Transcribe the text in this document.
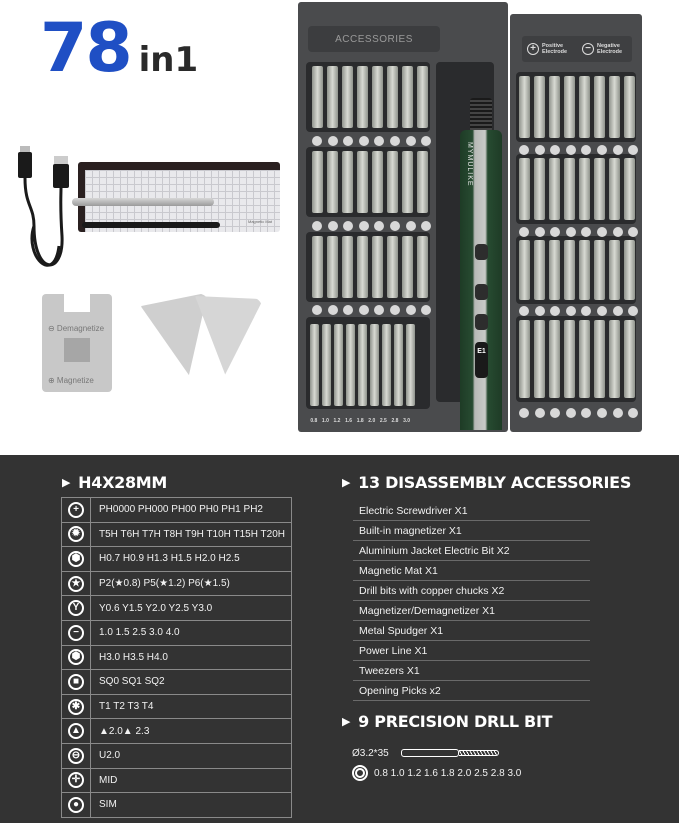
78 in1
Magnetic Mat
⊖ Demagnetize
⊕ Magnetize
ACCESSORIES
0.8 1.0 1.2 1.6 1.8 2.0 2.5 2.8 3.0
MYMULIKE
E1
+	Positive Electrode	−	Negative Electrode
▶ H4X28MM
+	PH0000 PH000 PH00 PH0 PH1 PH2
✹	T5H T6H T7H T8H T9H T10H T15H T20H
⬢	H0.7 H0.9 H1.3 H1.5 H2.0 H2.5
★	P2(★0.8) P5(★1.2) P6(★1.5)
Y	Y0.6 Y1.5 Y2.0 Y2.5 Y3.0
−	1.0 1.5 2.5 3.0 4.0
⬢	H3.0 H3.5 H4.0
■	SQ0 SQ1 SQ2
✱	T1 T2 T3 T4
▲	▲2.0▲ 2.3
⊖	U2.0
✛	MID
●	SIM
▶ 13 DISASSEMBLY ACCESSORIES
Electric Screwdriver X1
Built-in magnetizer X1
Aluminium Jacket Electric Bit X2
Magnetic Mat X1
Drill bits with copper chucks X2
Magnetizer/Demagnetizer X1
Metal Spudger X1
Power Line X1
Tweezers X1
Opening Picks x2
▶ 9 PRECISION DRLL BIT
Ø3.2*35
0.8 1.0 1.2 1.6 1.8 2.0 2.5 2.8 3.0
